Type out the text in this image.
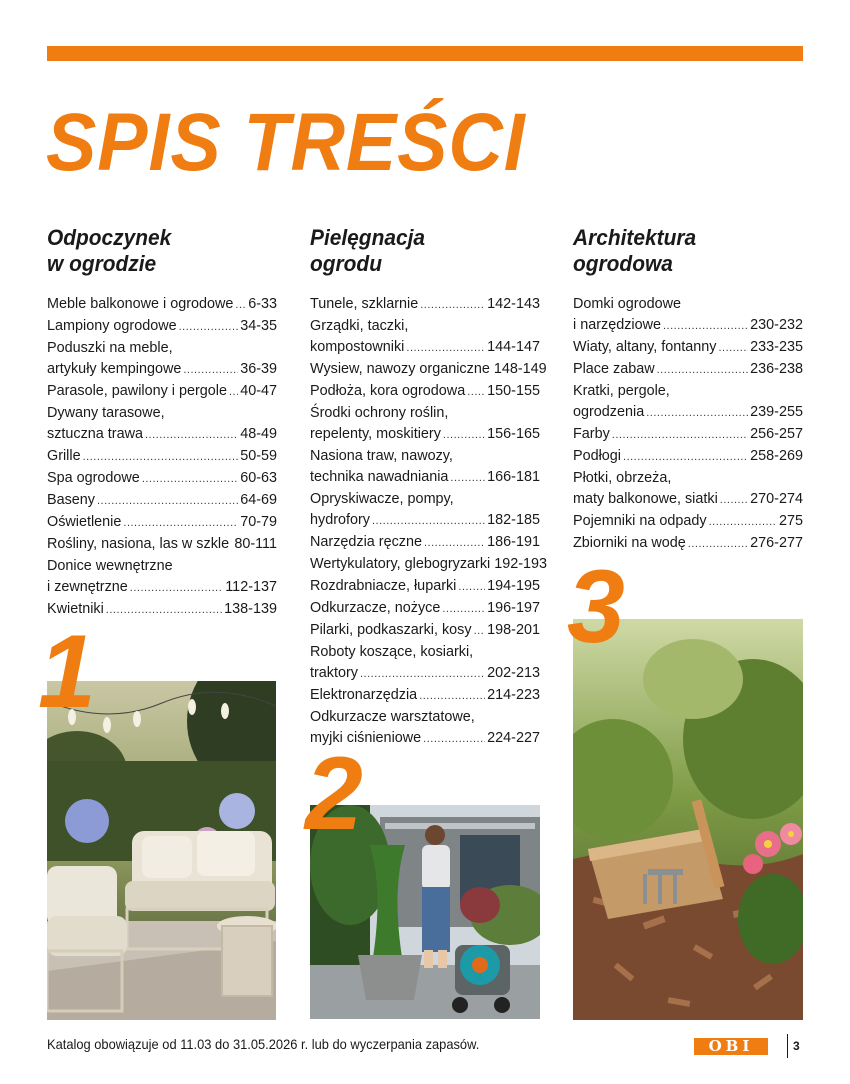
SPIS TREŚCI
Odpoczynek
w ogrodzie
Meble balkonowe i ogrodowe ..... 6-33
Lampiony ogrodowe .....	34-35
Poduszki na meble,
artykuły kempingowe .....	36-39
Parasole, pawilony i pergole ..... 40-47
Dywany tarasowe,
sztuczna trawa .....	48-49
Grille .....	50-59
Spa ogrodowe .....	60-63
Baseny .....	64-69
Oświetlenie .....	70-79
Rośliny, nasiona, las w szkle ..... 80-111
Donice wewnętrzne
i zewnętrzne .....	112-137
Kwietniki .....	138-139
Pielęgnacja
ogrodu
Tunele, szklarnie .....	142-143
Grządki, taczki,
kompostowniki .....	144-147
Wysiew, nawozy organiczne 148-149
Podłoża, kora ogrodowa ..... 150-155
Środki ochrony roślin,
repelenty, moskitiery .....	156-165
Nasiona traw, nawozy,
technika nawadniania .....	166-181
Opryskiwacze, pompy,
hydrofory .....	182-185
Narzędzia ręczne .....	186-191
Wertykulatory, glebogryzarki 192-193
Rozdrabniacze, łuparki ..... 194-195
Odkurzacze, nożyce .....	196-197
Pilarki, podkaszarki, kosy ..... 198-201
Roboty koszące, kosiarki,
traktory .....	202-213
Elektronarzędzia .....	214-223
Odkurzacze warsztatowe,
myjki ciśnieniowe .....	224-227
Architektura
ogrodowa
Domki ogrodowe
i narzędziowe .....	230-232
Wiaty, altany, fontanny ..... 233-235
Place zabaw .....	236-238
Kratki, pergole,
ogrodzenia .....	239-255
Farby .....	256-257
Podłogi .....	258-269
Płotki, obrzeża,
maty balkonowe, siatki ..... 270-274
Pojemniki na odpady .....	275
Zbiorniki na wodę .....	276-277
1
2
3
Katalog obowiązuje od 11.03 do 31.05.2026 r. lub do wyczerpania zapasów.	OBI	3
